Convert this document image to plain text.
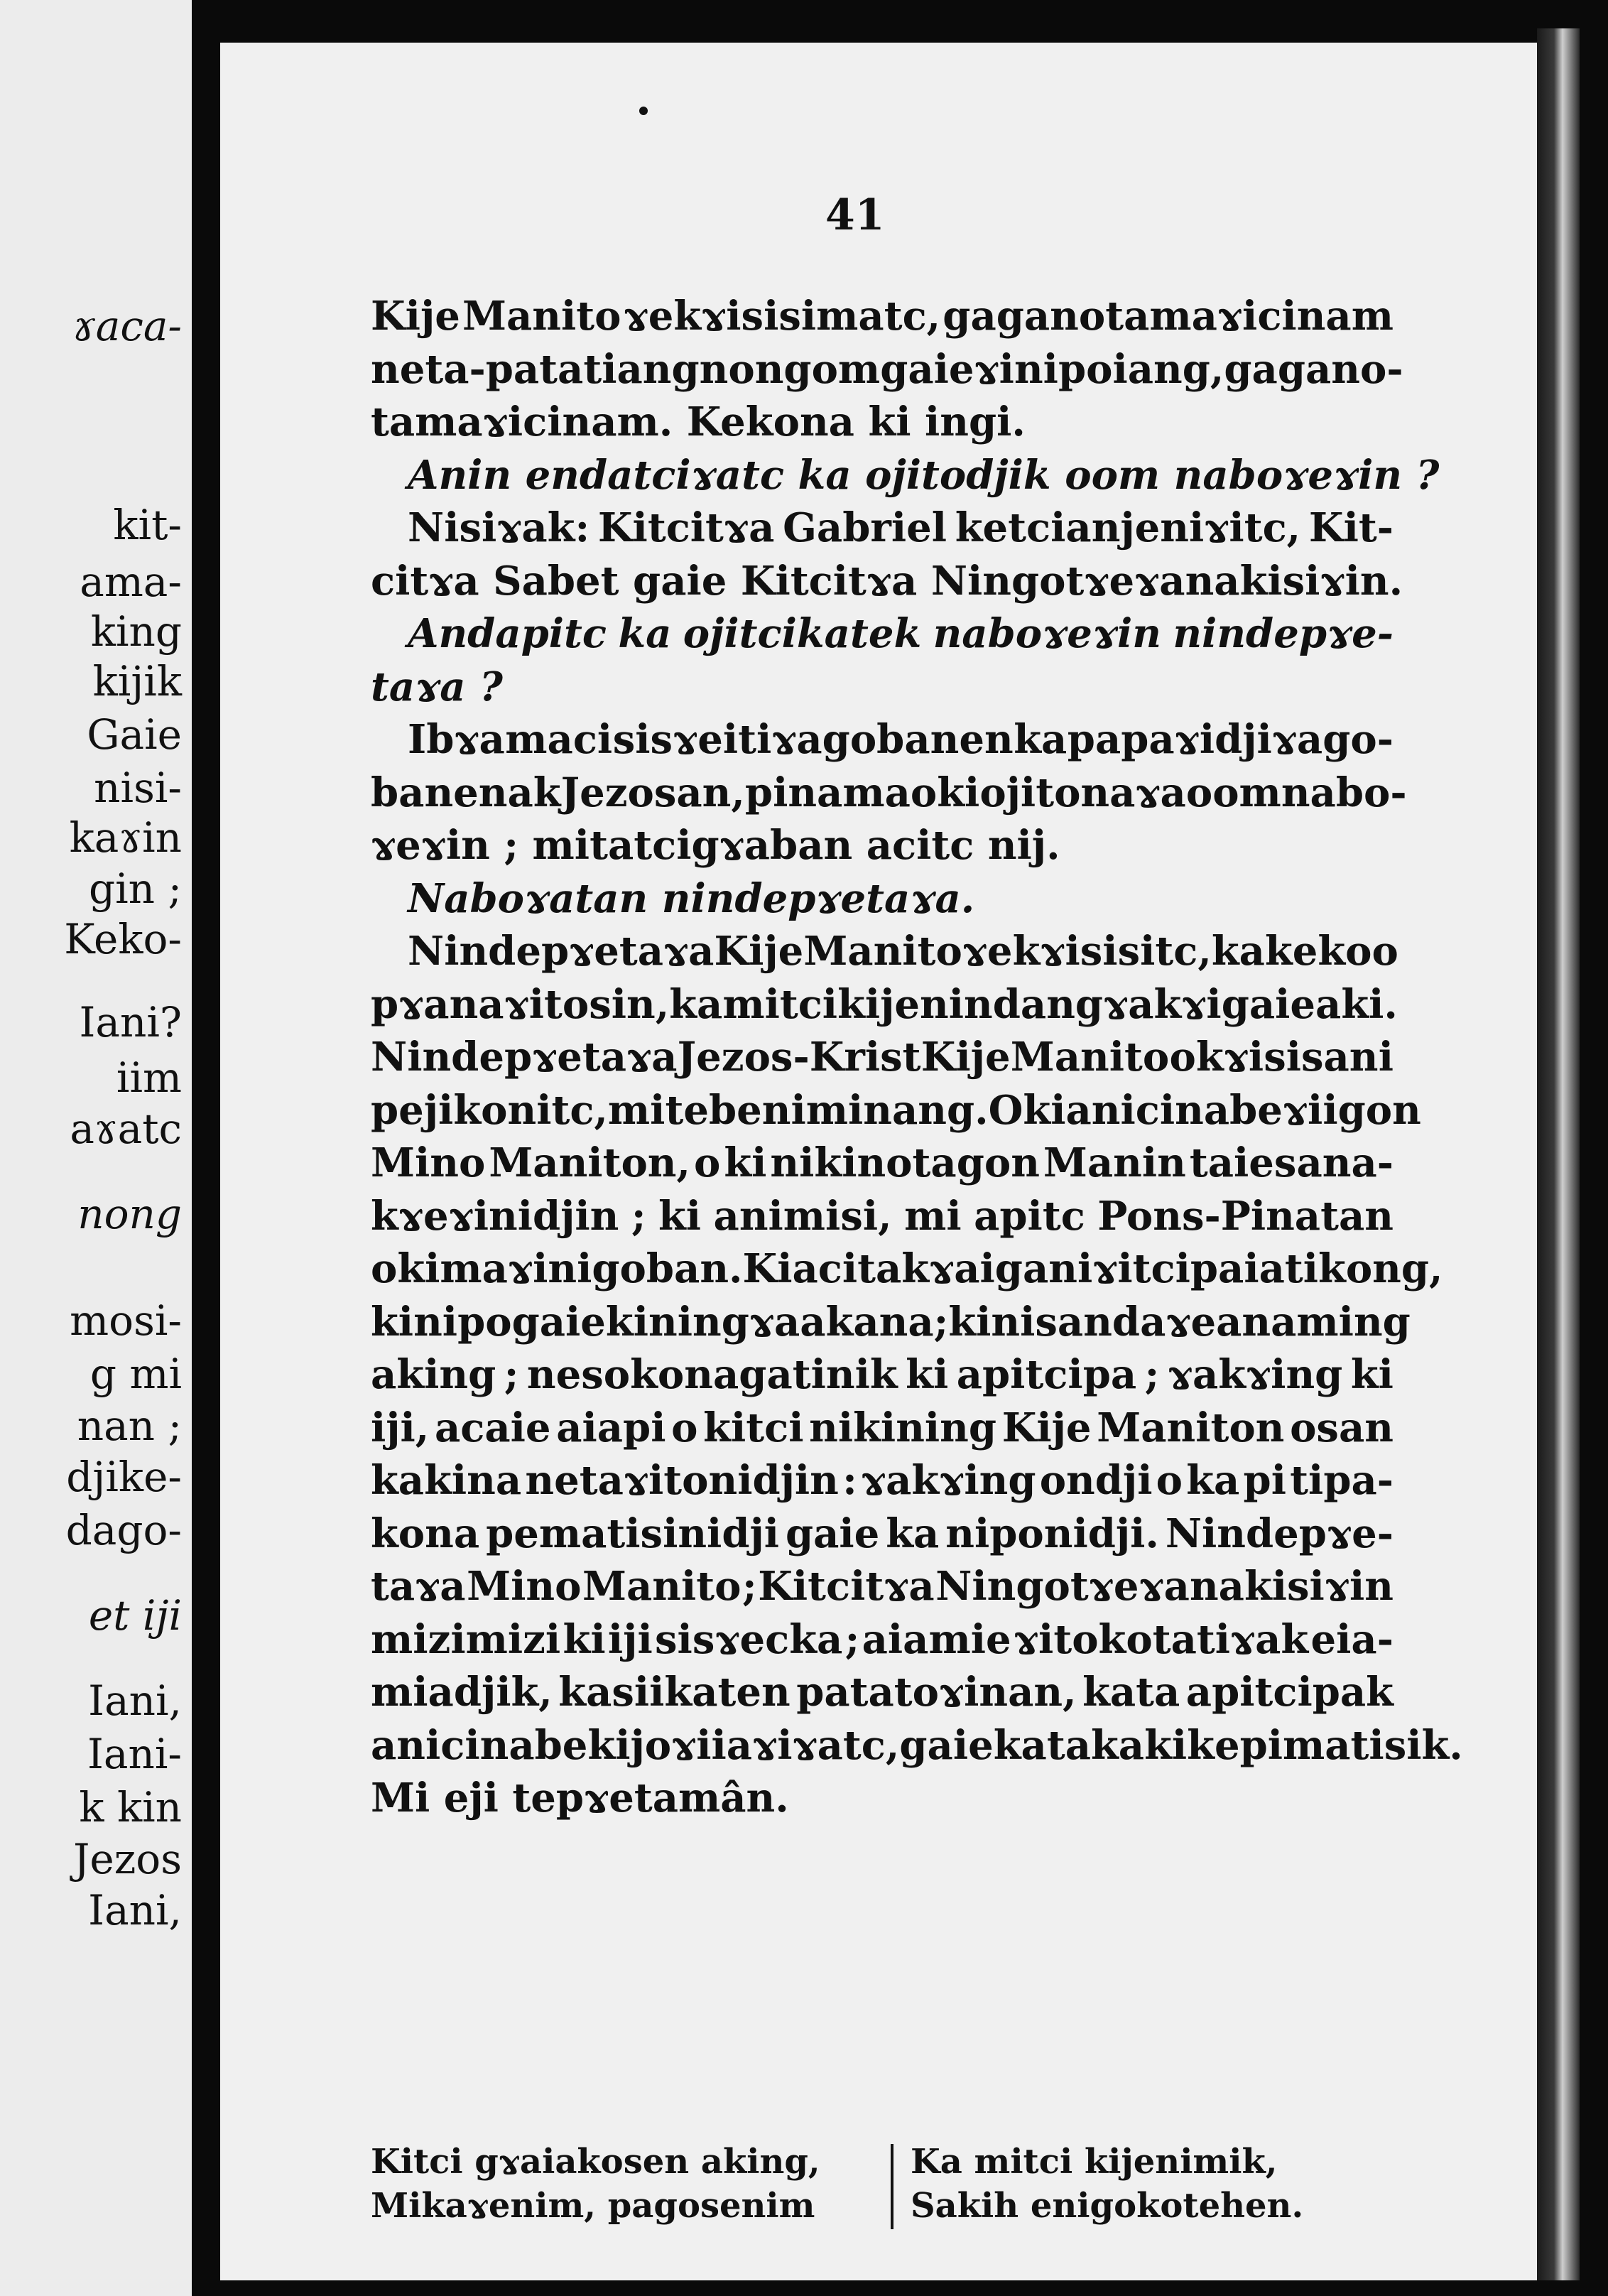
ɤaca-
kit-
ama-
king
kijik
Gaie
nisi-
kaɤin
gin ;
Keko-
Iani?
iim
aɤatc
nong
mosi-
g mi
nan ;
djike-
dago-
et iji
Iani,
Iani-
k kin
Jezos
Iani,
41
Kije Manito ɤekɤisisimatc, gaganotamaɤicinam
neta-patatiang nongom gaie ɤi nipoiang, gagano-
tamaɤicinam. Kekona ki ingi.
Anin endatciɤatc ka ojitodjik oom naboɤeɤin ?
Nisiɤak: Kitcitɤa Gabriel ketcianjeniɤitc, Kit-
citɤa Sabet gaie Kitcitɤa Ningotɤeɤanakisiɤin.
Andapitc ka ojitcikatek naboɤeɤin nindepɤe-
taɤa ?
Ibɤa maci sisɤeitiɤagobanen ka papaɤidjiɤago-
banenak Jezosan, pinama o ki ojitonaɤa oom nabo-
ɤeɤin ; mitatcigɤaban acitc nij.
Naboɤatan nindepɤetaɤa.
Nindepɤetaɤa Kije Manito ɤekɤisisitc, ka keko o
pɤanaɤitosin, ka mitci kijenindang ɤakɤi gaie aki.
Nindepɤetaɤa Jezos-Krist Kije Manito o kɤisisan i
pejikonitc, mi tebeniminang. O ki anicinabeɤiigon
Mino Maniton, o ki nikinotagon Manin taiesana-
kɤeɤinidjin ; ki animisi, mi apitc Pons-Pinatan
okimaɤinigoban. Ki acitakɤaiganiɤi tcipaiatikong,
ki nipo gaie ki ningɤaakana ; ki nisandaɤe anaming
aking ; nesokonagatinik ki apitcipa ; ɤakɤing ki
iji, acaie aiapi o kitci nikining Kije Maniton osan
kakina netaɤitonidjin : ɤakɤing ondji o ka pi tipa-
kona pematisinidji gaie ka niponidji. Nindepɤe-
taɤa Mino Manito ; Kitcitɤa Ningotɤeɤanakisiɤin
mizimizi ki iji sisɤecka ; aiamie ɤitokotatiɤak eia-
miadjik, kasiikaten patatoɤinan, kata apitcipak
anicinabek ijoɤiiaɤiɤatc, gaie kata kakike pimatisik.
Mi eji tepɤetamân.
Kitci gɤaiakosen aking,
Mikaɤenim, pagosenim
Ka mitci kijenimik,
Sakih enigokotehen.
